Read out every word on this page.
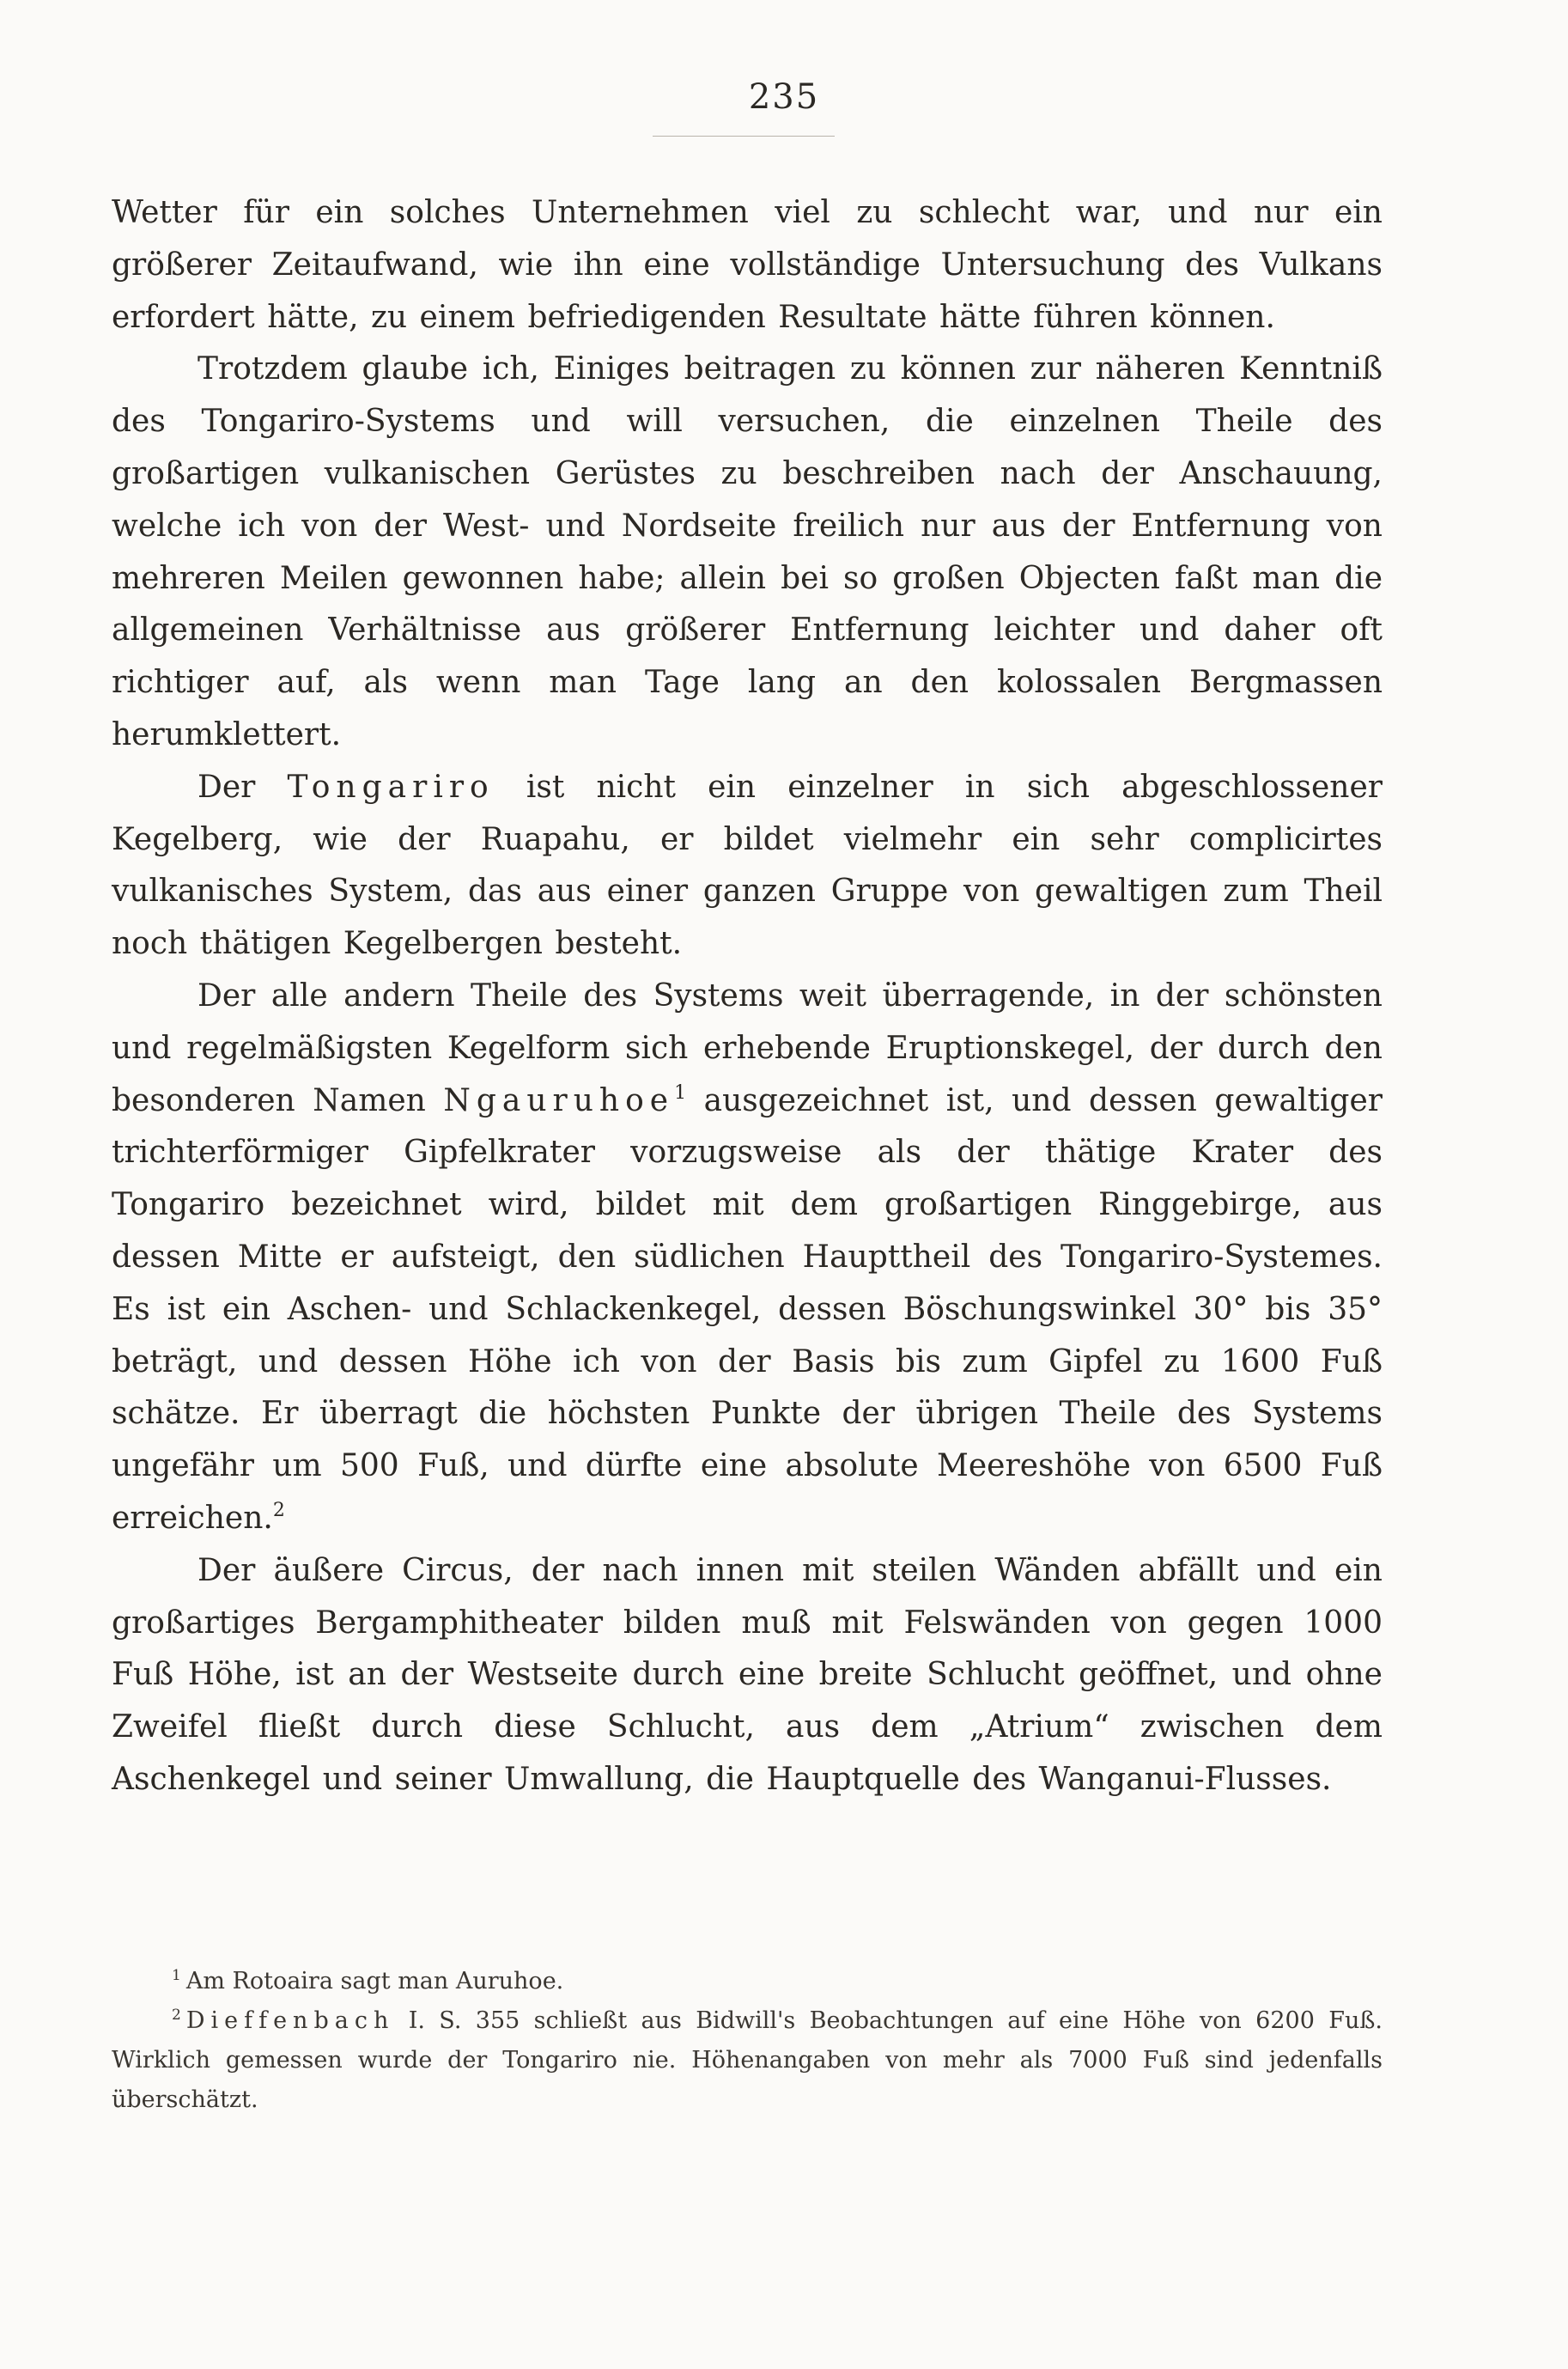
235

Wetter für ein solches Unternehmen viel zu schlecht war, und nur ein größerer Zeitaufwand, wie ihn eine vollständige Untersuchung des Vulkans erfordert hätte, zu einem befriedigenden Resultate hätte führen können.

Trotzdem glaube ich, Einiges beitragen zu können zur näheren Kenntniß des Tongariro-Systems und will versuchen, die einzelnen Theile des großartigen vulkanischen Gerüstes zu beschreiben nach der Anschauung, welche ich von der West- und Nordseite freilich nur aus der Entfernung von mehreren Meilen gewonnen habe; allein bei so großen Objecten faßt man die allgemeinen Verhältnisse aus größerer Entfernung leichter und daher oft richtiger auf, als wenn man Tage lang an den kolossalen Bergmassen herumklettert.

Der Tongariro ist nicht ein einzelner in sich abgeschlossener Kegelberg, wie der Ruapahu, er bildet vielmehr ein sehr complicirtes vulkanisches System, das aus einer ganzen Gruppe von gewaltigen zum Theil noch thätigen Kegelbergen besteht.

Der alle andern Theile des Systems weit überragende, in der schönsten und regelmäßigsten Kegelform sich erhebende Eruptionskegel, der durch den besonderen Namen Ngauruhoe$^1$ ausgezeichnet ist, und dessen gewaltiger trichterförmiger Gipfelkrater vorzugsweise als der thätige Krater des Tongariro bezeichnet wird, bildet mit dem großartigen Ringgebirge, aus dessen Mitte er aufsteigt, den südlichen Haupttheil des Tongariro-Systemes. Es ist ein Aschen- und Schlackenkegel, dessen Böschungswinkel 30° bis 35° beträgt, und dessen Höhe ich von der Basis bis zum Gipfel zu 1600 Fuß schätze. Er überragt die höchsten Punkte der übrigen Theile des Systems ungefähr um 500 Fuß, und dürfte eine absolute Meereshöhe von 6500 Fuß erreichen.$^2$

Der äußere Circus, der nach innen mit steilen Wänden abfällt und ein großartiges Bergamphitheater bilden muß mit Felswänden von gegen 1000 Fuß Höhe, ist an der Westseite durch eine breite Schlucht geöffnet, und ohne Zweifel fließt durch diese Schlucht, aus dem „Atrium“ zwischen dem Aschenkegel und seiner Umwallung, die Hauptquelle des Wanganui-Flusses.

$^1$ Am Rotoaira sagt man Auruhoe.

$^2$ Dieffenbach I. S. 355 schließt aus Bidwill's Beobachtungen auf eine Höhe von 6200 Fuß. Wirklich gemessen wurde der Tongariro nie. Höhenangaben von mehr als 7000 Fuß sind jedenfalls überschätzt.
